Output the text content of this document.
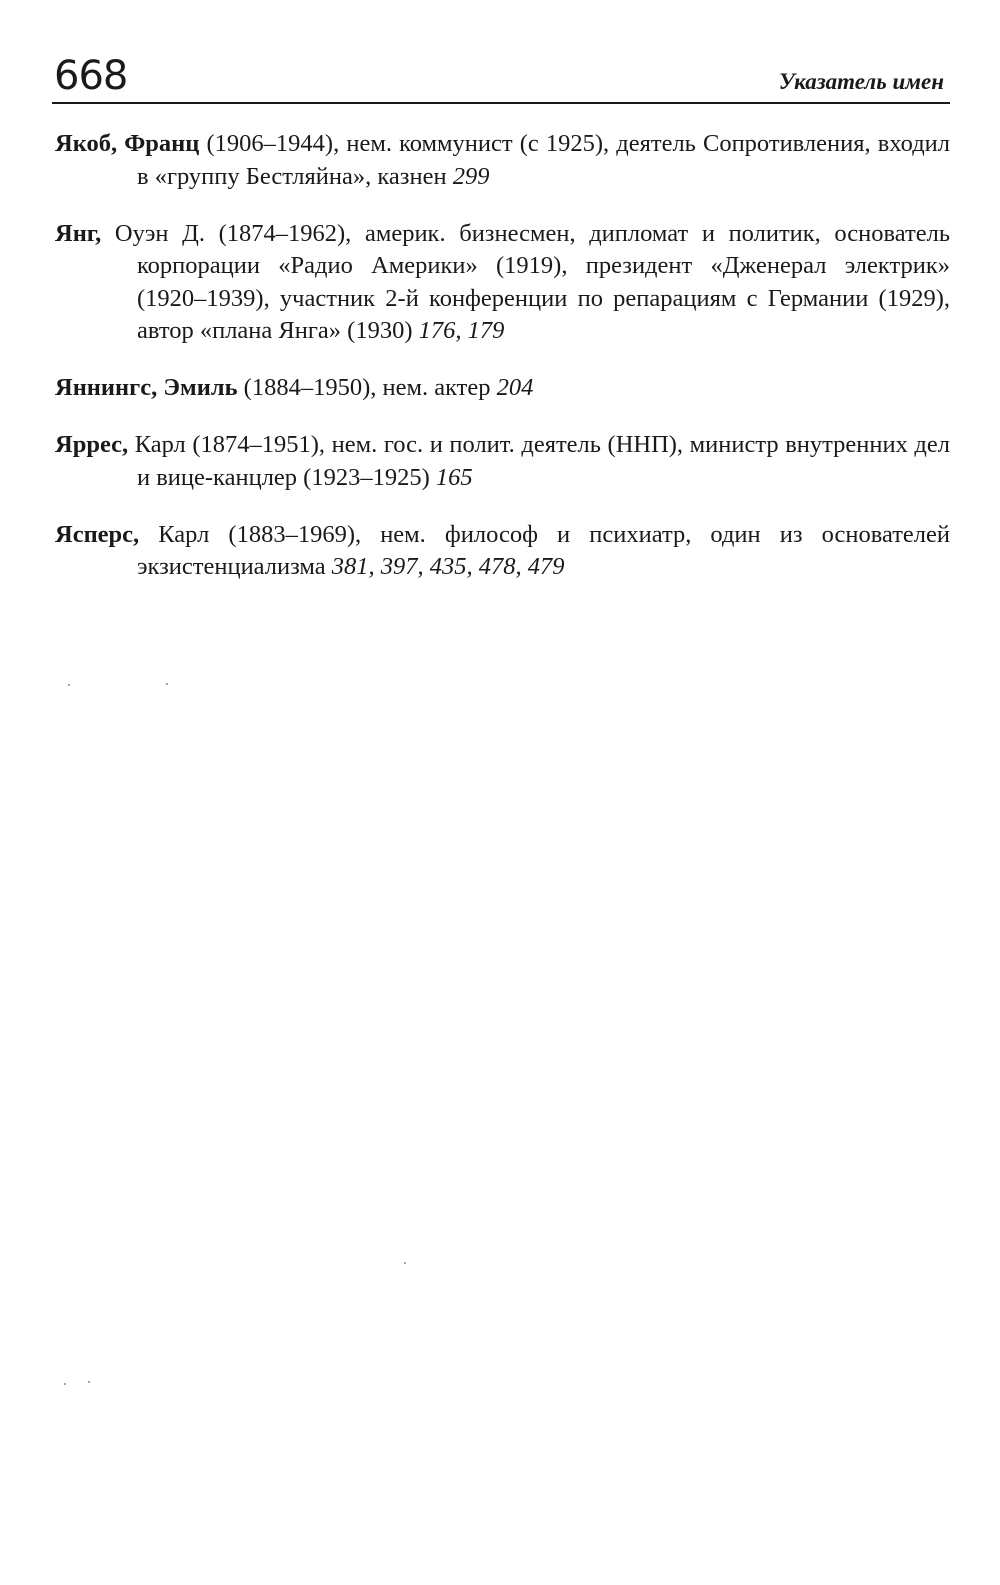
668	Указатель имен

Якоб, Франц (1906–1944), нем. коммунист (с 1925), деятель Сопротивления, входил в «группу Бестляйна», казнен 299

Янг, Оуэн Д. (1874–1962), америк. бизнесмен, дипломат и политик, основатель корпорации «Радио Америки» (1919), президент «Дженерал электрик» (1920–1939), участник 2-й конференции по репарациям с Германии (1929), автор «плана Янга» (1930) 176, 179

Яннингс, Эмиль (1884–1950), нем. актер 204

Яррес, Карл (1874–1951), нем. гос. и полит. деятель (ННП), министр внутренних дел и вице-канцлер (1923–1925) 165

Ясперс, Карл (1883–1969), нем. философ и психиатр, один из основателей экзистенциализма 381, 397, 435, 478, 479
